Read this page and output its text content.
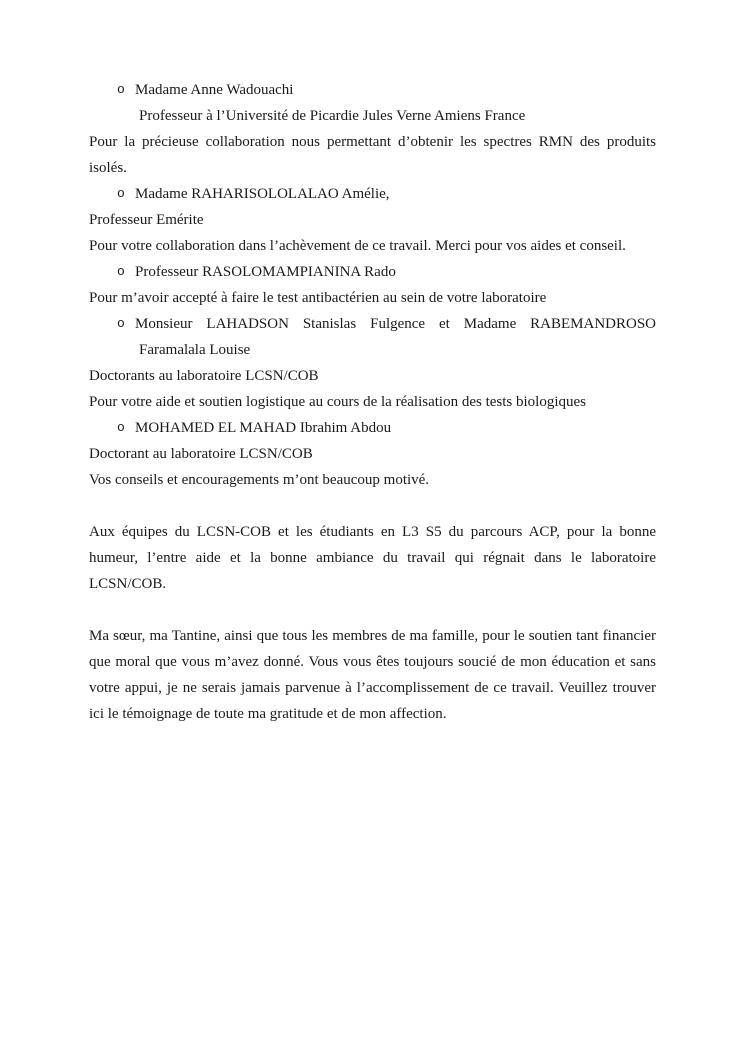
o Madame Anne Wadouachi

Professeur à l’Université de Picardie Jules Verne Amiens France

Pour la précieuse collaboration nous permettant d’obtenir les spectres RMN des produits isolés.

o Madame RAHARISOLOLALAO Amélie,

Professeur Emérite

Pour votre collaboration dans l’achèvement de ce travail. Merci pour vos aides et conseil.

o Professeur RASOLOMAMPIANINA Rado

Pour m’avoir accepté à faire le test antibactérien au sein de votre laboratoire

o Monsieur LAHADSON Stanislas Fulgence et Madame RABEMANDROSO Faramalala Louise

Doctorants au laboratoire LCSN/COB

Pour votre aide et soutien logistique au cours de la réalisation des tests biologiques

o MOHAMED EL MAHAD Ibrahim Abdou

Doctorant au laboratoire LCSN/COB

Vos conseils et encouragements m’ont beaucoup motivé.

Aux équipes du LCSN-COB et les étudiants en L3 S5 du parcours ACP, pour la bonne humeur, l’entre aide et la bonne ambiance du travail qui régnait dans le laboratoire LCSN/COB.

Ma sœur, ma Tantine, ainsi que tous les membres de ma famille, pour le soutien tant financier que moral que vous m’avez donné. Vous vous êtes toujours soucié de mon éducation et sans votre appui, je ne serais jamais parvenue à l’accomplissement de ce travail. Veuillez trouver ici le témoignage de toute ma gratitude et de mon affection.
